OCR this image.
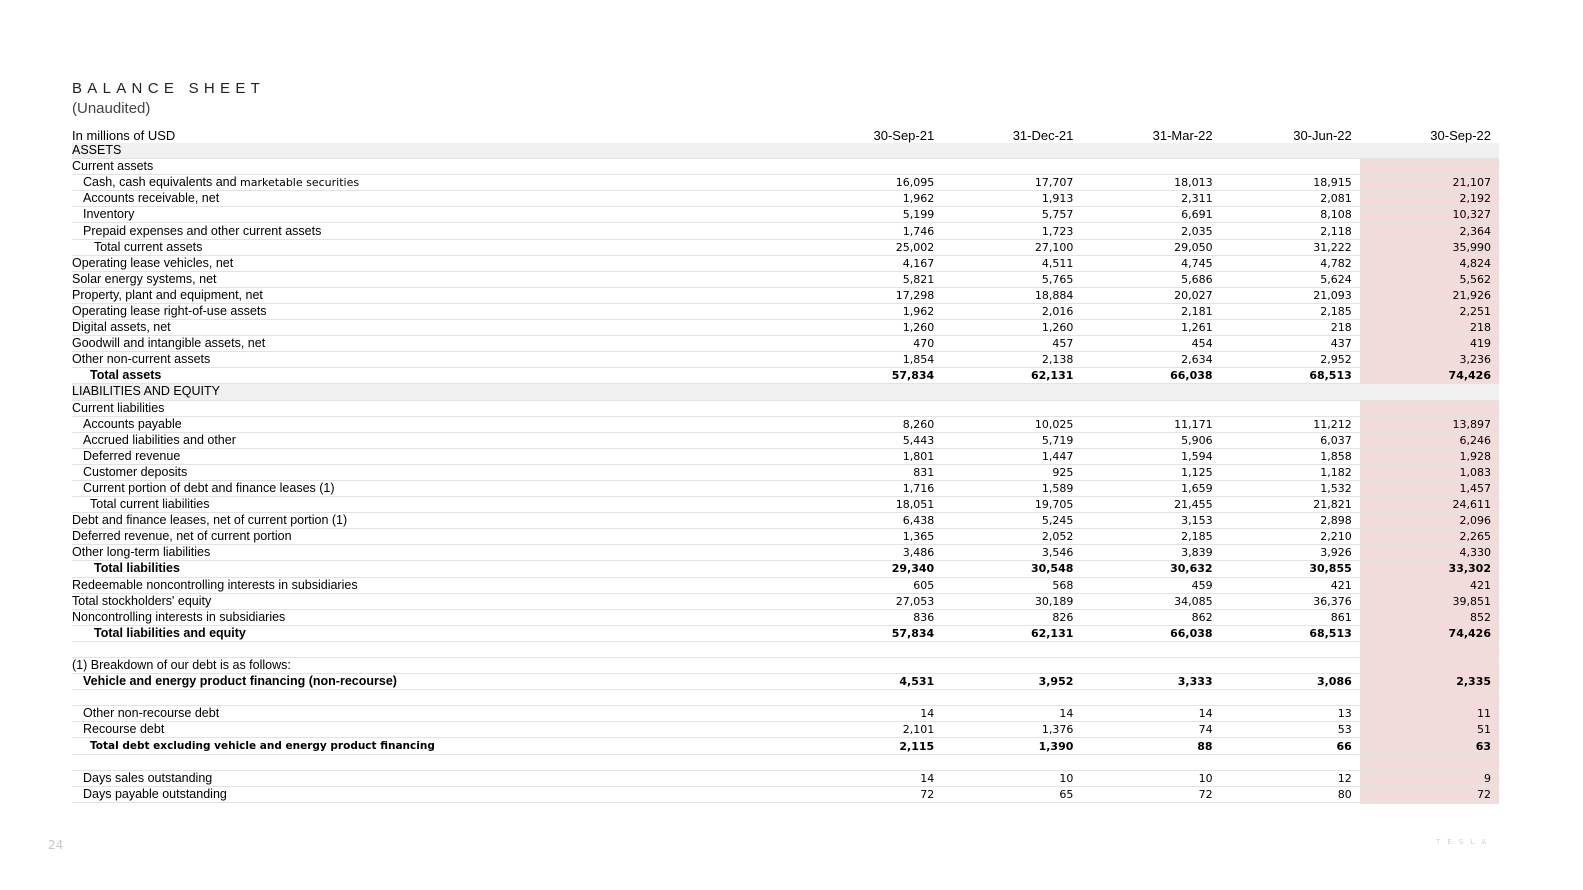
BALANCE SHEET
(Unaudited)
In millions of USD	30-Sep-21	31-Dec-21	31-Mar-22	30-Jun-22	30-Sep-22
ASSETS					
Current assets					
Cash, cash equivalents and marketable securities	16,095	17,707	18,013	18,915	21,107
Accounts receivable, net	1,962	1,913	2,311	2,081	2,192
Inventory	5,199	5,757	6,691	8,108	10,327
Prepaid expenses and other current assets	1,746	1,723	2,035	2,118	2,364
Total current assets	25,002	27,100	29,050	31,222	35,990
Operating lease vehicles, net	4,167	4,511	4,745	4,782	4,824
Solar energy systems, net	5,821	5,765	5,686	5,624	5,562
Property, plant and equipment, net	17,298	18,884	20,027	21,093	21,926
Operating lease right-of-use assets	1,962	2,016	2,181	2,185	2,251
Digital assets, net	1,260	1,260	1,261	218	218
Goodwill and intangible assets, net	470	457	454	437	419
Other non-current assets	1,854	2,138	2,634	2,952	3,236
Total assets	57,834	62,131	66,038	68,513	74,426
LIABILITIES AND EQUITY					
Current liabilities					
Accounts payable	8,260	10,025	11,171	11,212	13,897
Accrued liabilities and other	5,443	5,719	5,906	6,037	6,246
Deferred revenue	1,801	1,447	1,594	1,858	1,928
Customer deposits	831	925	1,125	1,182	1,083
Current portion of debt and finance leases (1)	1,716	1,589	1,659	1,532	1,457
Total current liabilities	18,051	19,705	21,455	21,821	24,611
Debt and finance leases, net of current portion (1)	6,438	5,245	3,153	2,898	2,096
Deferred revenue, net of current portion	1,365	2,052	2,185	2,210	2,265
Other long-term liabilities	3,486	3,546	3,839	3,926	4,330
Total liabilities	29,340	30,548	30,632	30,855	33,302
Redeemable noncontrolling interests in subsidiaries	605	568	459	421	421
Total stockholders' equity	27,053	30,189	34,085	36,376	39,851
Noncontrolling interests in subsidiaries	836	826	862	861	852
Total liabilities and equity	57,834	62,131	66,038	68,513	74,426

(1) Breakdown of our debt is as follows:					
Vehicle and energy product financing (non-recourse)	4,531	3,952	3,333	3,086	2,335

Other non-recourse debt	14	14	14	13	11
Recourse debt	2,101	1,376	74	53	51
Total debt excluding vehicle and energy product financing	2,115	1,390	88	66	63

Days sales outstanding	14	10	10	12	9
Days payable outstanding	72	65	72	80	72
24	TESLA
